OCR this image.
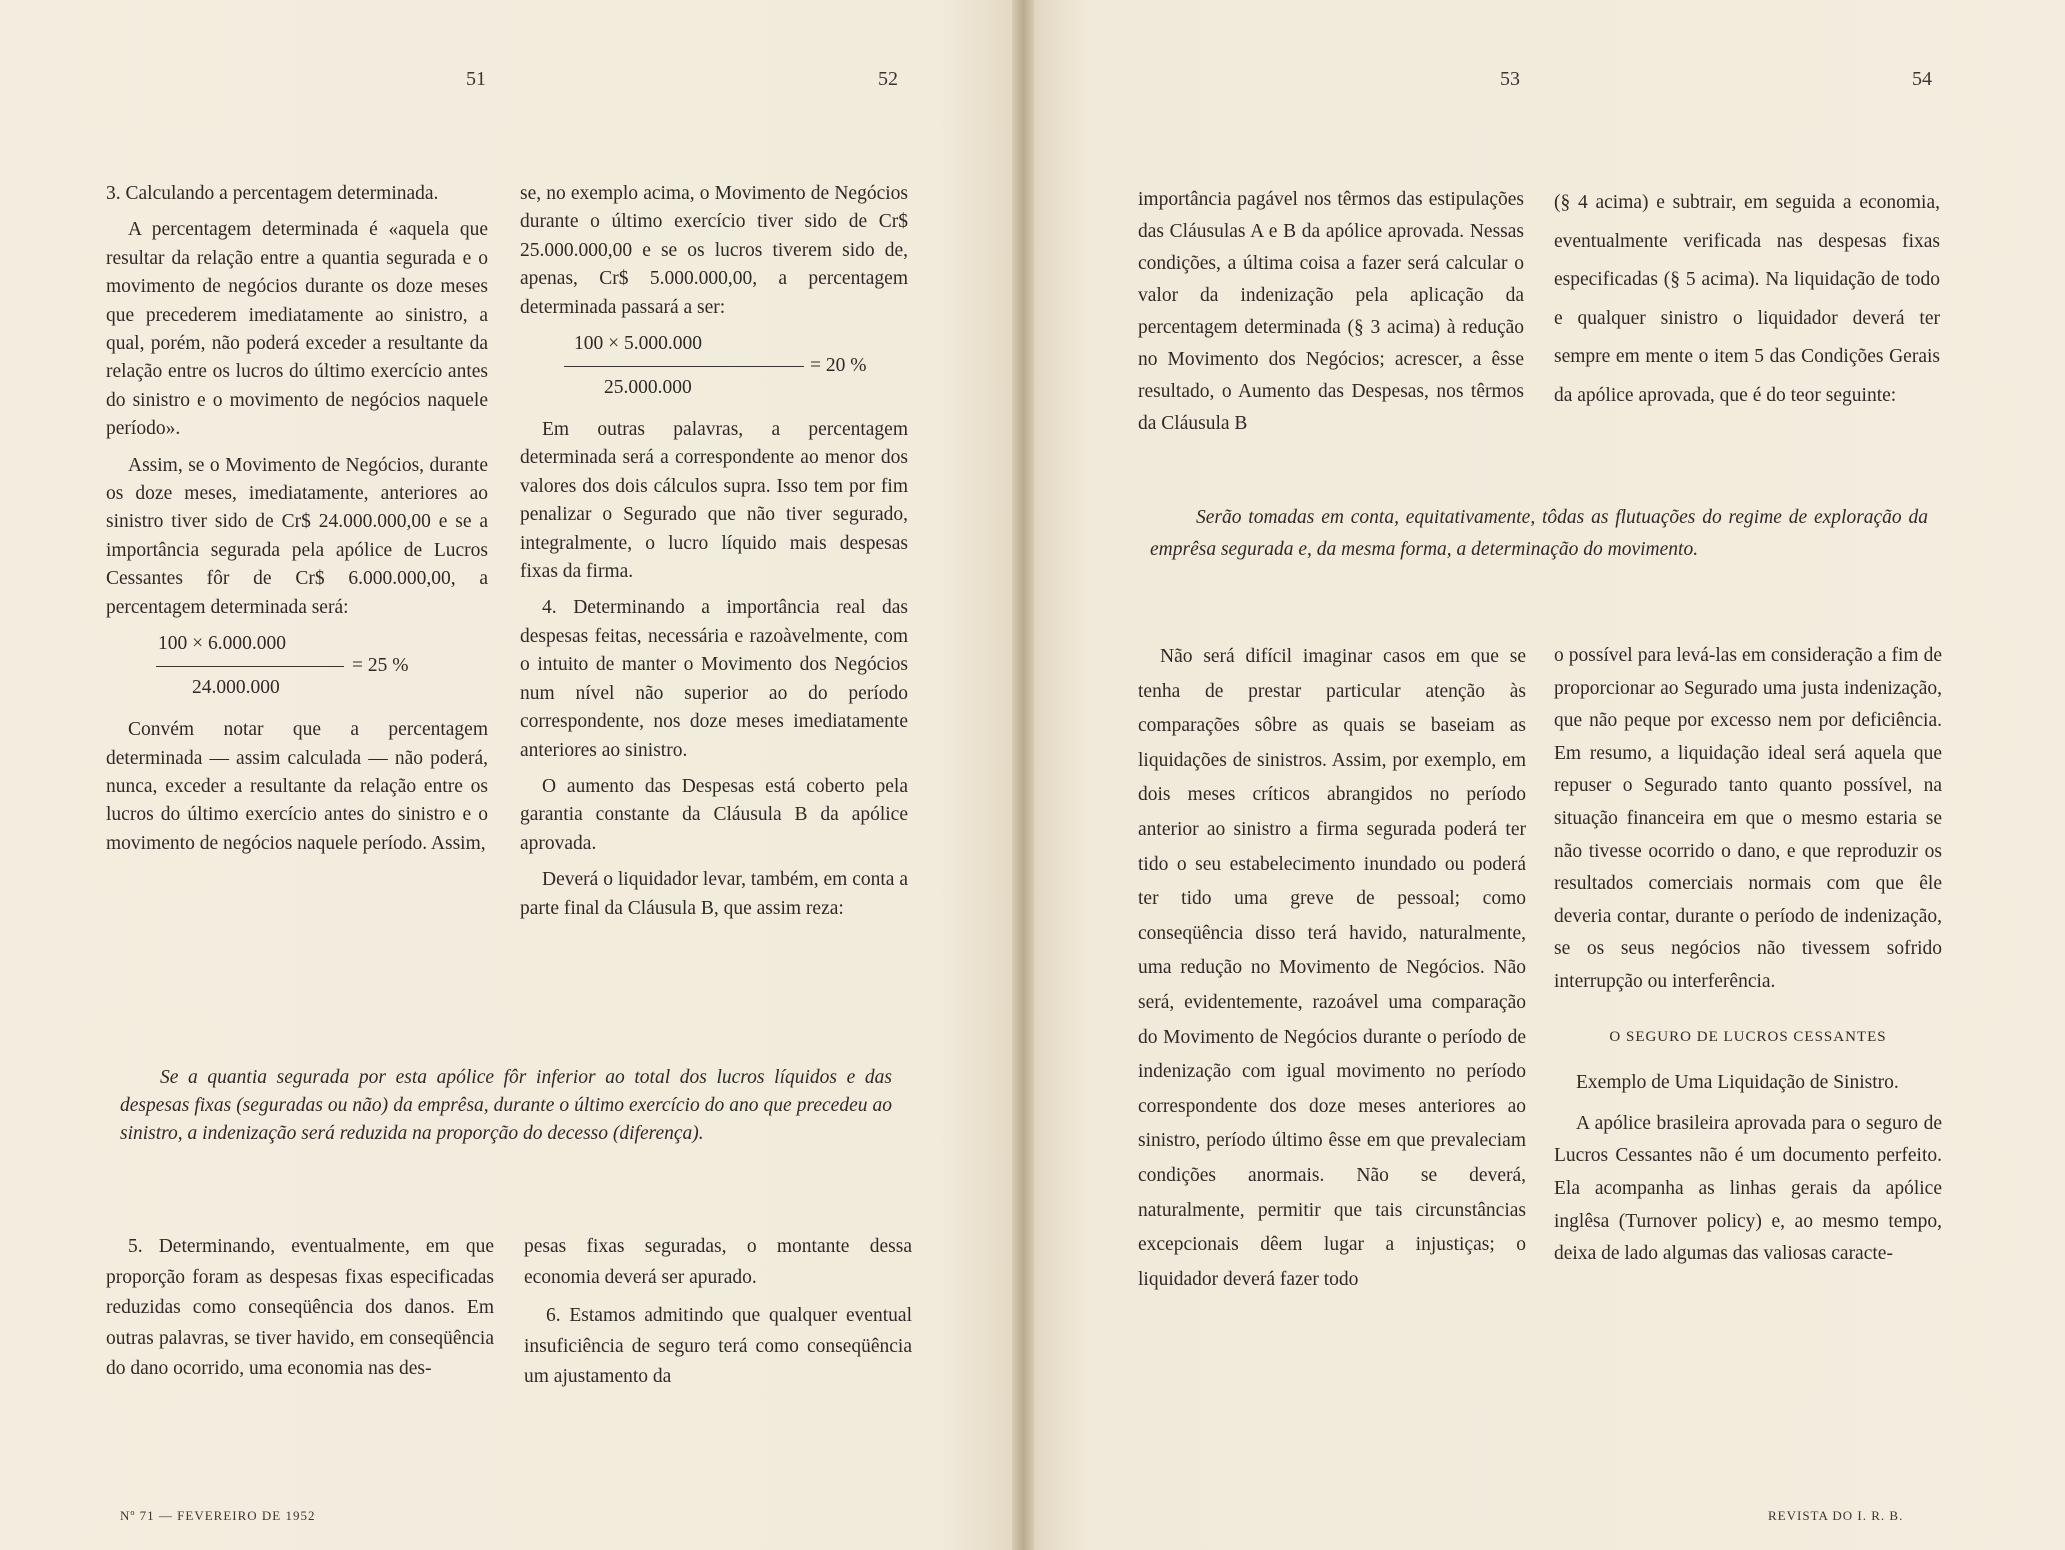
51	52	53	54

3. Calculando a percentagem determinada.

A percentagem determinada é «aquela que resultar da relação entre a quantia segurada e o movimento de negócios durante os doze meses que precederem imediatamente ao sinistro, a qual, porém, não poderá exceder a resultante da relação entre os lucros do último exercício antes do sinistro e o movimento de negócios naquele período».

Assim, se o Movimento de Negócios, durante os doze meses, imediatamente, anteriores ao sinistro tiver sido de Cr$ 24.000.000,00 e se a importância segurada pela apólice de Lucros Cessantes fôr de Cr$ 6.000.000,00, a percentagem determinada será:

100 × 6.000.000
24.000.000
= 25 %

Convém notar que a percentagem determinada — assim calculada — não poderá, nunca, exceder a resultante da relação entre os lucros do último exercício antes do sinistro e o movimento de negócios naquele período. Assim,

se, no exemplo acima, o Movimento de Negócios durante o último exercício tiver sido de Cr$ 25.000.000,00 e se os lucros tiverem sido de, apenas, Cr$ 5.000.000,00, a percentagem determinada passará a ser:

100 × 5.000.000
25.000.000
= 20 %

Em outras palavras, a percentagem determinada será a correspondente ao menor dos valores dos dois cálculos supra. Isso tem por fim penalizar o Segurado que não tiver segurado, integralmente, o lucro líquido mais despesas fixas da firma.

4. Determinando a importância real das despesas feitas, necessária e razoàvelmente, com o intuito de manter o Movimento dos Negócios num nível não superior ao do período correspondente, nos doze meses imediatamente anteriores ao sinistro.

O aumento das Despesas está coberto pela garantia constante da Cláusula B da apólice aprovada.

Deverá o liquidador levar, também, em conta a parte final da Cláusula B, que assim reza:

Se a quantia segurada por esta apólice fôr inferior ao total dos lucros líquidos e das despesas fixas (seguradas ou não) da emprêsa, durante o último exercício do ano que precedeu ao sinistro, a indenização será reduzida na proporção do decesso (diferença).

5. Determinando, eventualmente, em que proporção foram as despesas fixas especificadas reduzidas como conseqüência dos danos. Em outras palavras, se tiver havido, em conseqüência do dano ocorrido, uma economia nas des-

pesas fixas seguradas, o montante dessa economia deverá ser apurado.

6. Estamos admitindo que qualquer eventual insuficiência de seguro terá como conseqüência um ajustamento da

importância pagável nos têrmos das estipulações das Cláusulas A e B da apólice aprovada. Nessas condições, a última coisa a fazer será calcular o valor da indenização pela aplicação da percentagem determinada (§ 3 acima) à redução no Movimento dos Negócios; acrescer, a êsse resultado, o Aumento das Despesas, nos têrmos da Cláusula B

(§ 4 acima) e subtrair, em seguida a economia, eventualmente verificada nas despesas fixas especificadas (§ 5 acima). Na liquidação de todo e qualquer sinistro o liquidador deverá ter sempre em mente o item 5 das Condições Gerais da apólice aprovada, que é do teor seguinte:

Serão tomadas em conta, equitativamente, tôdas as flutuações do regime de exploração da emprêsa segurada e, da mesma forma, a determinação do movimento.

Não será difícil imaginar casos em que se tenha de prestar particular atenção às comparações sôbre as quais se baseiam as liquidações de sinistros. Assim, por exemplo, em dois meses críticos abrangidos no período anterior ao sinistro a firma segurada poderá ter tido o seu estabelecimento inundado ou poderá ter tido uma greve de pessoal; como conseqüência disso terá havido, naturalmente, uma redução no Movimento de Negócios. Não será, evidentemente, razoável uma comparação do Movimento de Negócios durante o período de indenização com igual movimento no período correspondente dos doze meses anteriores ao sinistro, período último êsse em que prevaleciam condições anormais. Não se deverá, naturalmente, permitir que tais circunstâncias excepcionais dêem lugar a injustiças; o liquidador deverá fazer todo

o possível para levá-las em consideração a fim de proporcionar ao Segurado uma justa indenização, que não peque por excesso nem por deficiência. Em resumo, a liquidação ideal será aquela que repuser o Segurado tanto quanto possível, na situação financeira em que o mesmo estaria se não tivesse ocorrido o dano, e que reproduzir os resultados comerciais normais com que êle deveria contar, durante o período de indenização, se os seus negócios não tivessem sofrido interrupção ou interferência.

O SEGURO DE LUCROS CESSANTES

Exemplo de Uma Liquidação de Sinistro.

A apólice brasileira aprovada para o seguro de Lucros Cessantes não é um documento perfeito. Ela acompanha as linhas gerais da apólice inglêsa (Turnover policy) e, ao mesmo tempo, deixa de lado algumas das valiosas caracte-

Nº 71 — FEVEREIRO DE 1952	REVISTA DO I. R. B.
